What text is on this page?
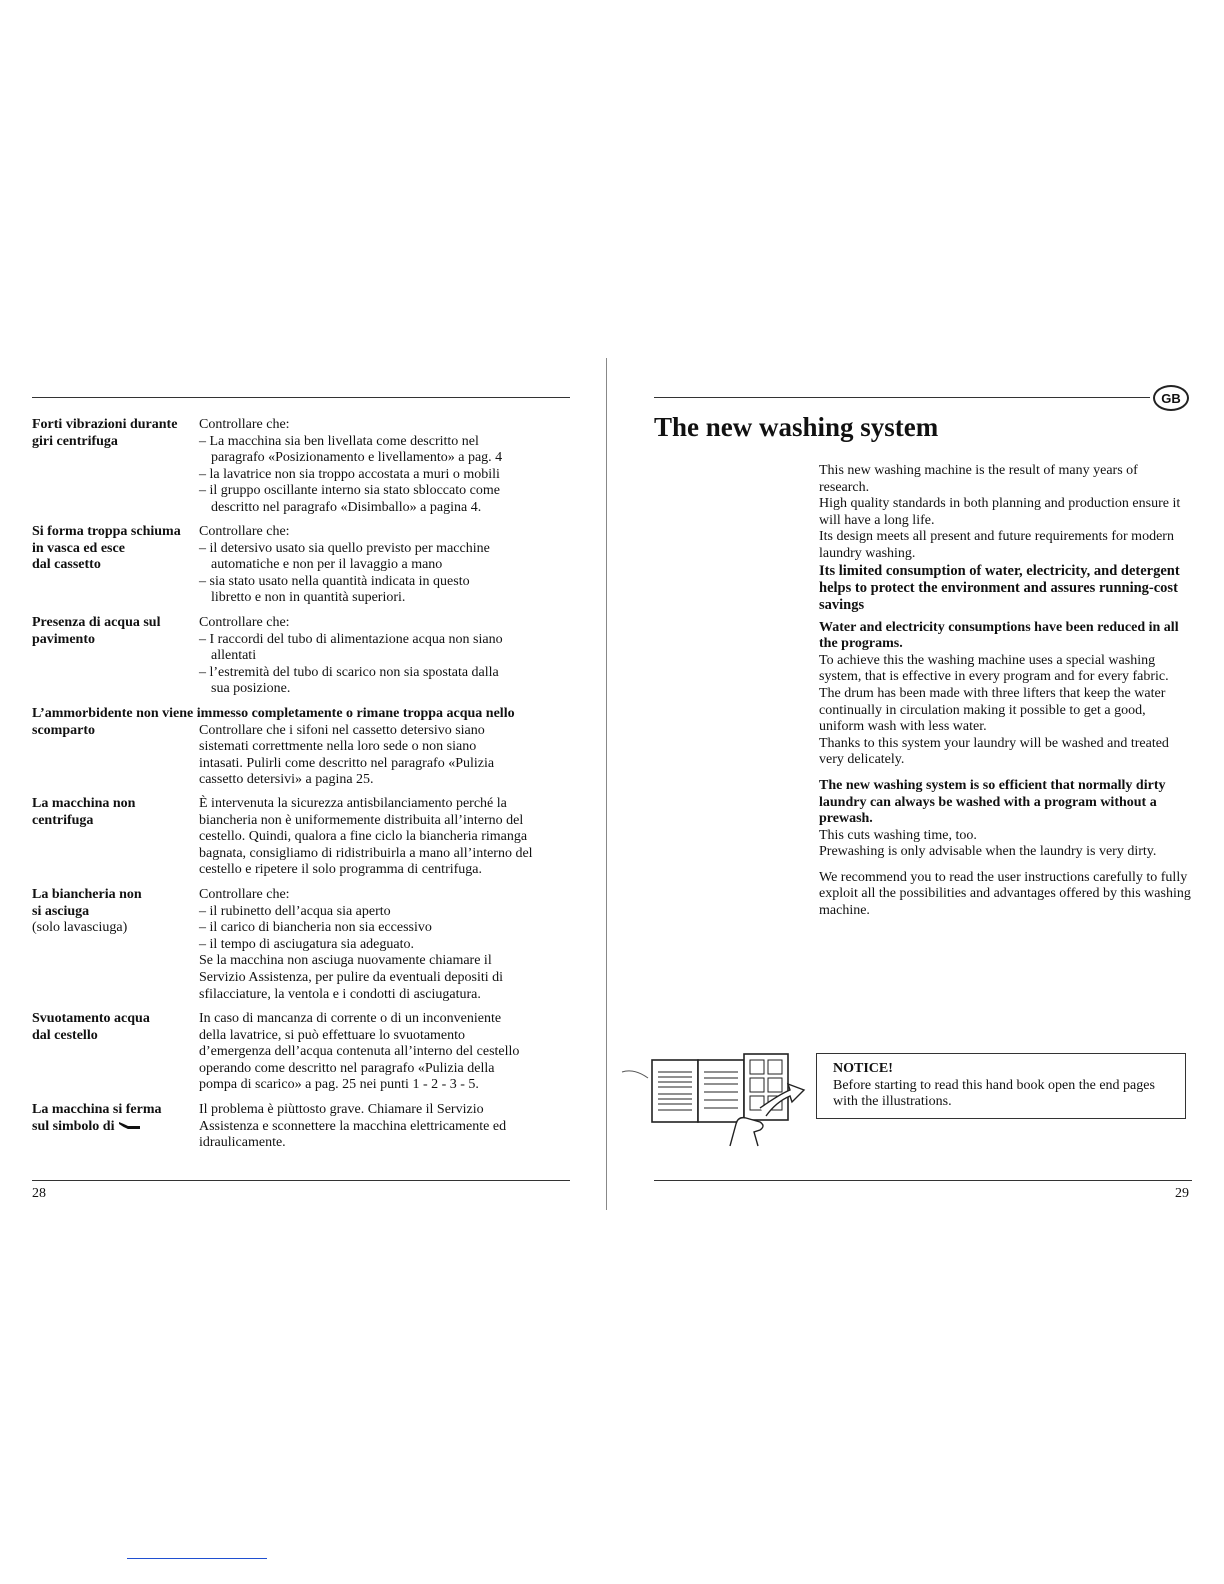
Forti vibrazioni durante
giri centrifuga
Controllare che:
– La macchina sia ben livellata come descritto nel
paragrafo «Posizionamento e livellamento» a pag. 4
– la lavatrice non sia troppo accostata a muri o mobili
– il gruppo oscillante interno sia stato sbloccato come
descritto nel paragrafo «Disimballo» a pagina 4.
Si forma troppa schiuma
in vasca ed esce
dal cassetto
Controllare che:
– il detersivo usato sia quello previsto per macchine
automatiche e non per il lavaggio a mano
– sia stato usato nella quantità indicata in questo
libretto e non in quantità superiori.
Presenza di acqua sul
pavimento
Controllare che:
– I raccordi del tubo di alimentazione acqua non siano
allentati
– l’estremità del tubo di scarico non sia spostata dalla
sua posizione.
scomparto	Controllare che i sifoni nel cassetto detersivo siano
sistemati correttmente nella loro sede o non siano
intasati. Pulirli come descritto nel paragrafo «Pulizia
cassetto detersivi» a pagina 25.
La macchina non
centrifuga
È intervenuta la sicurezza antisbilanciamento perché la
biancheria non è uniformemente distribuita all’interno del
cestello. Quindi, qualora a fine ciclo la biancheria rimanga
bagnata, consigliamo di ridistribuirla a mano all’interno del
cestello e ripetere il solo programma di centrifuga.
La biancheria non
si asciuga
(solo lavasciuga)
Controllare che:
– il rubinetto dell’acqua sia aperto
– il carico di biancheria non sia eccessivo
– il tempo di asciugatura sia adeguato.
Se la macchina non asciuga nuovamente chiamare il
Servizio Assistenza, per pulire da eventuali depositi di
sfilacciature, la ventola e i condotti di asciugatura.
Svuotamento acqua
dal cestello
In caso di mancanza di corrente o di un inconveniente
della lavatrice, si può effettuare lo svuotamento
d’emergenza dell’acqua contenuta all’interno del cestello
operando come descritto nel paragrafo «Pulizia della
pompa di scarico» a pag. 25 nei punti 1 - 2 - 3 - 5.
La macchina si ferma
sul simbolo di
Il problema è piùttosto grave. Chiamare il Servizio
Assistenza e sconnettere la macchina elettricamente ed
idraulicamente.
28
GB
The new washing system

This new washing machine is the result of many years of research.

High quality standards in both planning and production ensure it will have a long life.

Its design meets all present and future requirements for modern laundry washing.

Its limited consumption of water, electricity, and detergent helps to protect the environment and assures running-cost savings

Water and electricity consumptions have been reduced in all the programs.

To achieve this the washing machine uses a special washing system, that is effective in every program and for every fabric.

The drum has been made with three lifters that keep the water continually in circulation making it possible to get a good, uniform wash with less water.

Thanks to this system your laundry will be washed and treated very delicately.

The new washing system is so efficient that normally dirty laundry can always be washed with a program without a prewash.

This cuts washing time, too.

Prewashing is only advisable when the laundry is very dirty.

We recommend you to read the user instructions carefully to fully exploit all the possibilities and advantages offered by this washing machine.

NOTICE!
Before starting to read this hand book open the end pages with the illustrations.
29
L’ammorbidente non viene immesso completamente o rimane troppa acqua nello
